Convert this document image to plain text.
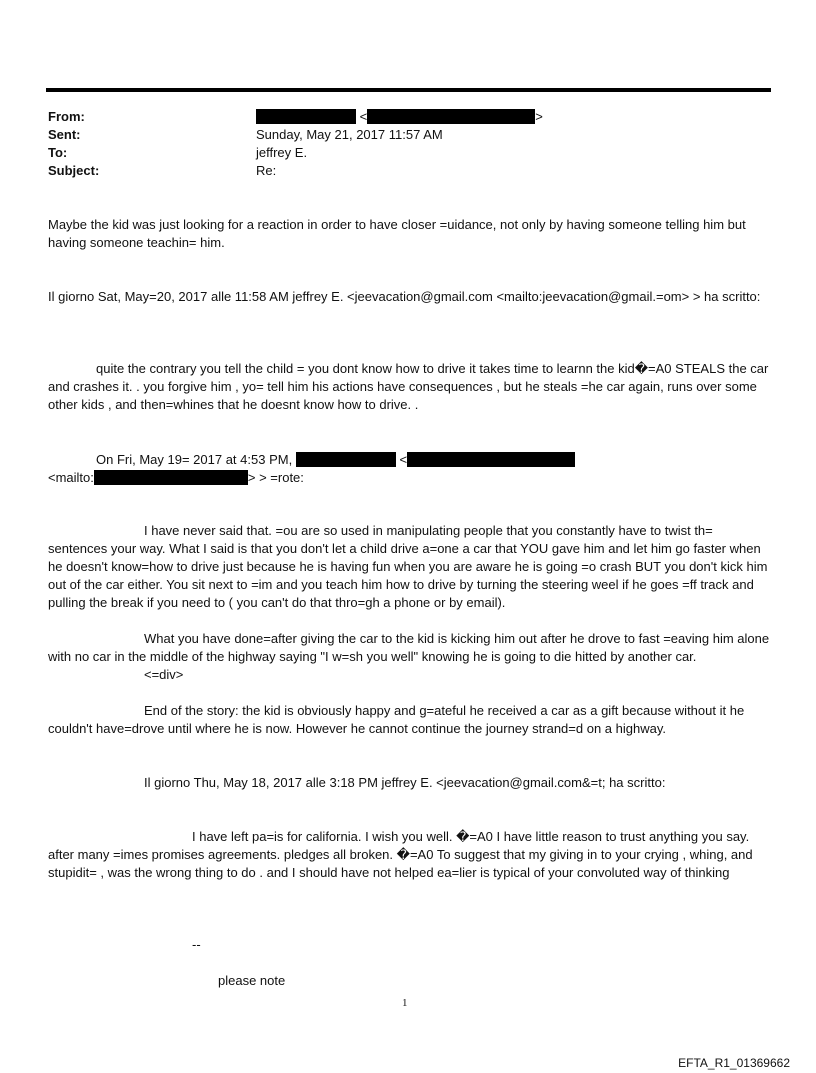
From:	<	>
Sent:	Sunday, May 21, 2017 11:57 AM
To:	jeffrey E.
Subject:	Re:

Maybe the kid was just looking for a reaction in order to have closer =uidance, not only by having someone telling him but having someone teachin= him.

Il giorno Sat, May=20, 2017 alle 11:58 AM jeffrey E. <jeevacation@gmail.com <mailto:jeevacation@gmail.=om> > ha scritto:

quite the contrary you tell the child = you dont know how to drive it takes time to learnn the kid�=A0 STEALS the car and crashes it. . you forgive him , yo= tell him his actions have consequences , but he steals =he car again, runs over some other kids , and then=whines that he doesnt know how to drive. .

On Fri, May 19= 2017 at 4:53 PM,	<
<mailto:	> > =rote:

I have never said that. =ou are so used in manipulating people that you constantly have to twist th= sentences your way. What I said is that you don't let a child drive a=one a car that YOU gave him and let him go faster when he doesn't know=how to drive just because he is having fun when you are aware he is going =o crash BUT you don't kick him out of the car either. You sit next to =im and you teach him how to drive by turning the steering weel if he goes =ff track and pulling the break if you need to ( you can't do that thro=gh a phone or by email).

What you have done=after giving the car to the kid is kicking him out after he drove to fast =eaving him alone with no car in the middle of the highway saying "I w=sh you well" knowing he is going to die hitted by another car.

<=div>

End of the story: the kid is obviously happy and g=ateful he received a car as a gift because without it he couldn't have=drove until where he is now. However he cannot continue the journey strand=d on a highway.

Il giorno Thu, May 18, 2017 alle 3:18 PM jeffrey E. <jeevacation@gmail.com&=t; ha scritto:

I have left pa=is for california. I wish you well. �=A0 I have little reason to trust anything you say. after many =imes promises agreements. pledges all broken. �=A0 To suggest that my giving in to your crying , whing, and stupidit= , was the wrong thing to do . and I should have not helped ea=lier is typical of your convoluted way of thinking

--
please note
1
EFTA_R1_01369662
